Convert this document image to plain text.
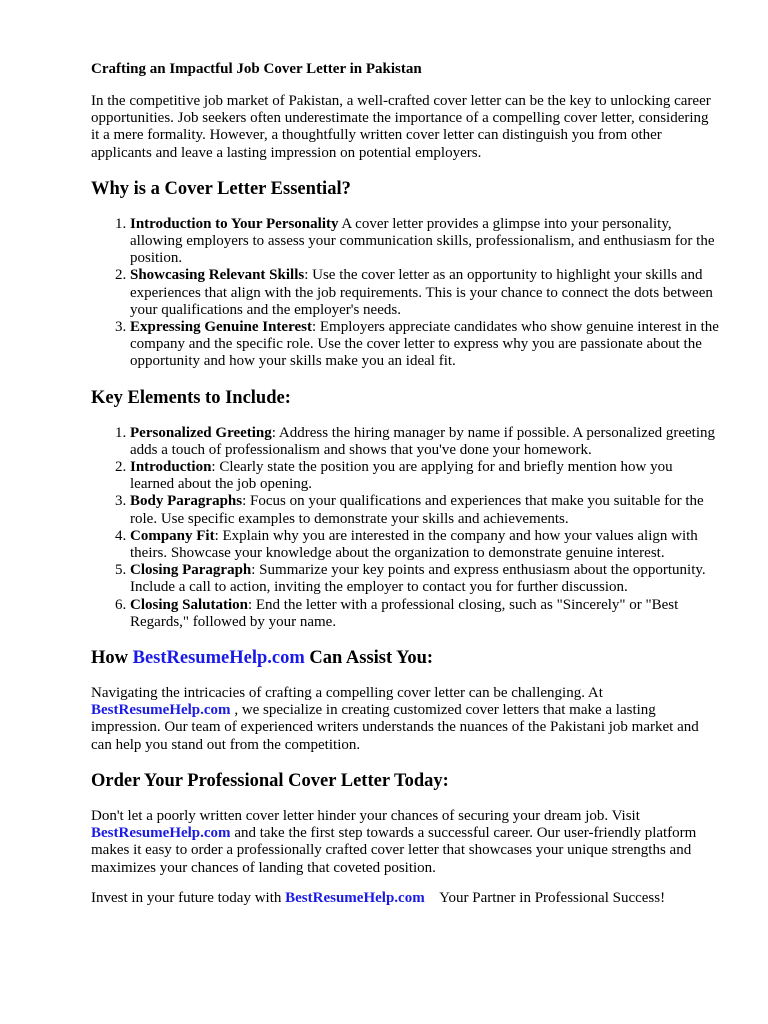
Crafting an Impactful Job Cover Letter in Pakistan

In the competitive job market of Pakistan, a well-crafted cover letter can be the key to unlocking career opportunities. Job seekers often underestimate the importance of a compelling cover letter, considering it a mere formality. However, a thoughtfully written cover letter can distinguish you from other applicants and leave a lasting impression on potential employers.

Why is a Cover Letter Essential?
1. Introduction to Your Personality A cover letter provides a glimpse into your personality, allowing employers to assess your communication skills, professionalism, and enthusiasm for the position.
2. Showcasing Relevant Skills: Use the cover letter as an opportunity to highlight your skills and experiences that align with the job requirements. This is your chance to connect the dots between your qualifications and the employer's needs.
3. Expressing Genuine Interest: Employers appreciate candidates who show genuine interest in the company and the specific role. Use the cover letter to express why you are passionate about the opportunity and how your skills make you an ideal fit.
Key Elements to Include:
1. Personalized Greeting: Address the hiring manager by name if possible. A personalized greeting adds a touch of professionalism and shows that you've done your homework.
2. Introduction: Clearly state the position you are applying for and briefly mention how you learned about the job opening.
3. Body Paragraphs: Focus on your qualifications and experiences that make you suitable for the role. Use specific examples to demonstrate your skills and achievements.
4. Company Fit: Explain why you are interested in the company and how your values align with theirs. Showcase your knowledge about the organization to demonstrate genuine interest.
5. Closing Paragraph: Summarize your key points and express enthusiasm about the opportunity. Include a call to action, inviting the employer to contact you for further discussion.
6. Closing Salutation: End the letter with a professional closing, such as "Sincerely" or "Best Regards," followed by your name.
How BestResumeHelp.com Can Assist You:

Navigating the intricacies of crafting a compelling cover letter can be challenging. At BestResumeHelp.com , we specialize in creating customized cover letters that make a lasting impression. Our team of experienced writers understands the nuances of the Pakistani job market and can help you stand out from the competition.

Order Your Professional Cover Letter Today:

Don't let a poorly written cover letter hinder your chances of securing your dream job. Visit BestResumeHelp.com and take the first step towards a successful career. Our user-friendly platform makes it easy to order a professionally crafted cover letter that showcases your unique strengths and maximizes your chances of landing that coveted position.

Invest in your future today with BestResumeHelp.com    Your Partner in Professional Success!
